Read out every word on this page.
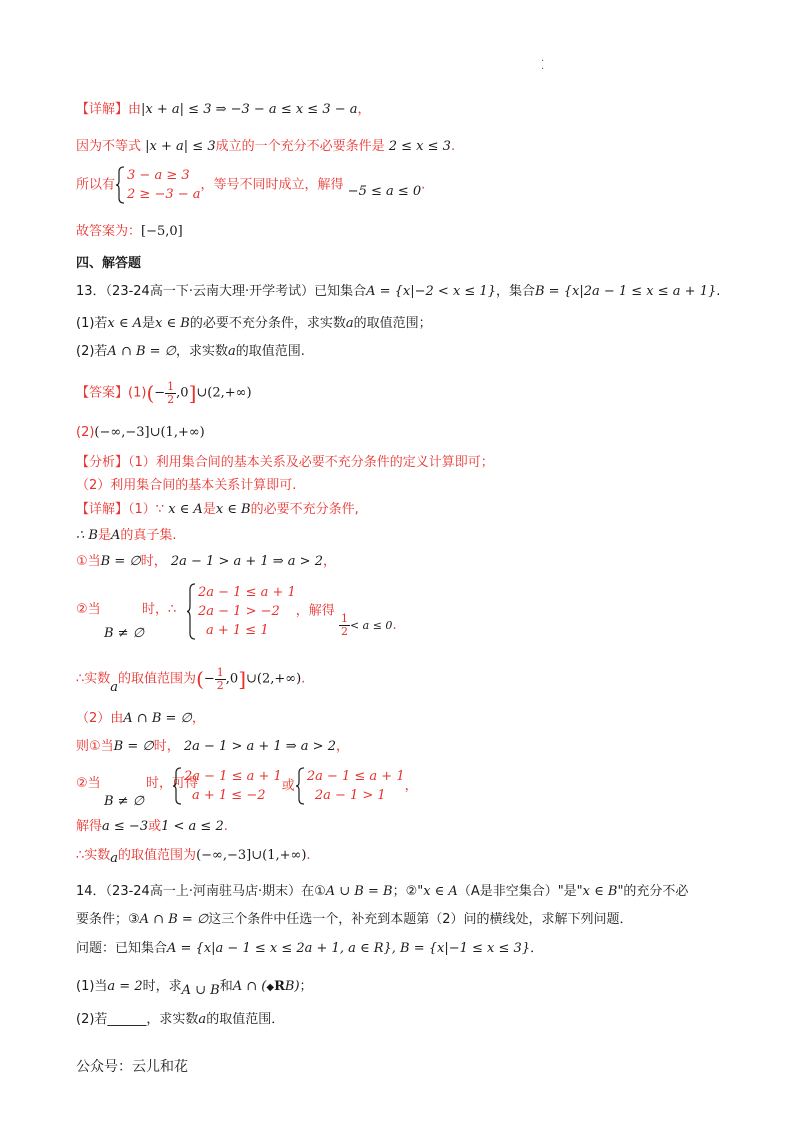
·
·
【详解】由|x + a| ≤ 3 ⇒ −3 − a ≤ x ≤ 3 − a，
因为不等式 |x + a| ≤ 3成立的一个充分不必要条件是 2 ≤ x ≤ 3.
所以有
3 − a ≥ 3
2 ≥ −3 − a
，等号不同时成立，解得 −5 ≤ a ≤ 0.
故答案为：[−5,0]
四、解答题
13．（23-24高一下·云南大理·开学考试）已知集合A = {x|−2 < x ≤ 1}，集合B = {x|2a − 1 ≤ x ≤ a + 1}.
(1)若x ∈ A是x ∈ B的必要不充分条件，求实数a的取值范围；
(2)若A ∩ B = ∅，求实数a的取值范围.
【答案】$(1)(- \frac{1}{2}$ ,0]∪(2,+∞)
(2)(−∞,−3]∪(1,+∞)
【分析】（1）利用集合间的基本关系及必要不充分条件的定义计算即可；
（2）利用集合间的基本关系计算即可.
【详解】（1）∵ x ∈ A是x ∈ B的必要不充分条件,
∴ B是A的真子集.
①当B = ∅时， 2a − 1 > a + 1 ⇒ a > 2，
②当
B ≠ ∅
时，∴
2a − 1 ≤ a + 1
2a − 1 > −2
a + 1 ≤ 1
，解得
$\frac{1}{2} < a \le 0$.
∴实数a的取值范围为(− $\frac{1}{2}$ ,0]∪(2,+∞).
（2）由A ∩ B = ∅，
则①当B = ∅时， 2a − 1 > a + 1 ⇒ a > 2，
②当
B ≠ ∅
时，可得
2a − 1 ≤ a + 1
a + 1 ≤ −2
或
2a − 1 ≤ a + 1
2a − 1 > 1
，
解得a ≤ −3或1 < a ≤ 2.
∴实数a的取值范围为(−∞,−3]∪(1,+∞).
14．（23-24高一上·河南驻马店·期末）在①A ∪ B = B；②"x ∈ A（A是非空集合）"是"x ∈ B"的充分不必
要条件；③A ∩ B = ∅这三个条件中任选一个，补充到本题第（2）问的横线处，求解下列问题．
问题：已知集合A = {x|a − 1 ≤ x ≤ 2a + 1, a ∈ R}, B = {x|−1 ≤ x ≤ 3}．
(1)当a = 2时，求A ∪ B和A ∩ (◆RB)；
(2)若______，求实数a的取值范围．
公众号：云儿和花
